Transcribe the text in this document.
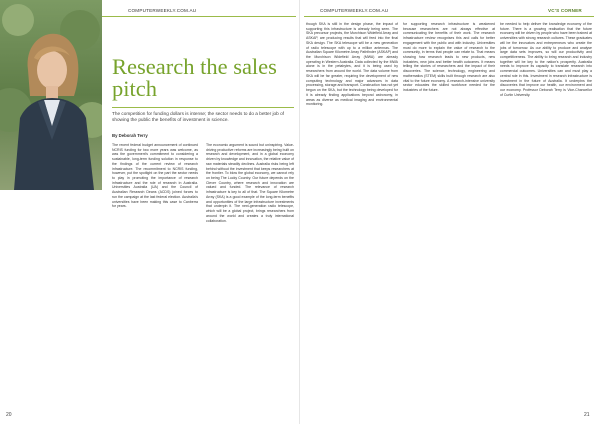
COMPUTERWEEKLY.COM.AU
Research the sales pitch

The competition for funding dollars is intense; the sector needs to do a better job of showing the public the benefits of investment in science.

By Deborah Terry

The recent federal budget announcement of continued NCRIS funding for two more years was welcome, as was the government's commitment to considering a sustainable, long-term funding solution in response to the findings of the current review of research infrastructure. The recommitment to NCRIS funding, however, put the spotlight on the part the sector needs to play in promoting the importance of research infrastructure and the role of research in Australia. Universities Australia (UA) and the Council of Australian Research Deans (ACDS) joined forces to run the campaign at the last federal election. Australia's universities have been making this case to Canberra for years.

The economic argument is sound but uninspiring. Value-driving productive reforms are increasingly being built on research and development, and in a global economy driven by knowledge and innovation, the relative value of raw materials steadily declines. Australia risks being left behind without the investment that keeps researchers at the frontier. To blow the global economy, we cannot rely on being The Lucky Country. Our future depends on the Clever Country, where research and innovation are valued and funded. The relevance of research infrastructure is key to all of that. The Square Kilometre Array (SKA) is a good example of the long-term benefits and opportunities of the large infrastructure investments that underpin it. The next-generation radio telescope, which will be a global project, brings researchers from around the world and creates a truly international collaboration.

20
COMPUTERWEEKLY.COM.AU	VC'S CORNER

though SKA is still in the design phase, the impact of supporting this infrastructure is already being seen. The SKA precursor projects, the Murchison Widefield Array and ASKAP, are producing results that will feed into the final SKA design. The SKA telescope will be a new generation of radio telescope with up to a million antennas. The Australian Square Kilometre Array Pathfinder (ASKAP) and the Murchison Widefield Array (MWA) are already operating in Western Australia. Data collected by the MWA alone is in the petabytes, and it is being used by researchers from around the world. The data volume from SKA will be far greater, requiring the development of new computing technology and major advances in data processing, storage and transport. Construction has not yet begun on the SKA, but the technology being developed for it is already finding applications beyond astronomy, in areas as diverse as medical imaging and environmental monitoring.

for supporting research infrastructure is weakened because researchers are not always effective at communicating the benefits of their work. The research infrastructure review recognises this and calls for better engagement with the public and with industry. Universities must do more to explain the value of research to the community, in terms that people can relate to. That means showing how research leads to new products, new industries, new jobs and better health outcomes. It means telling the stories of researchers and the impact of their discoveries. The science, technology, engineering and mathematics (STEM) skills built through research are also vital to the future economy. A research-intensive university sector educates the skilled workforce needed for the industries of the future.

be needed to help deliver the knowledge economy of the future. There is a growing realisation that the future economy will be driven by people who have been trained at universities with strong research cultures. These graduates will be the innovators and entrepreneurs who create the jobs of tomorrow. As our ability to produce and analyse large data sets improves, so will our productivity and competitiveness. The ability to bring research and industry together will be key to the nation's prosperity. Australia needs to improve its capacity to translate research into commercial outcomes. Universities can and must play a central role in this. Investment in research infrastructure is investment in the future of Australia. It underpins the discoveries that improve our health, our environment and our economy. Professor Deborah Terry is Vice-Chancellor of Curtin University.

21
